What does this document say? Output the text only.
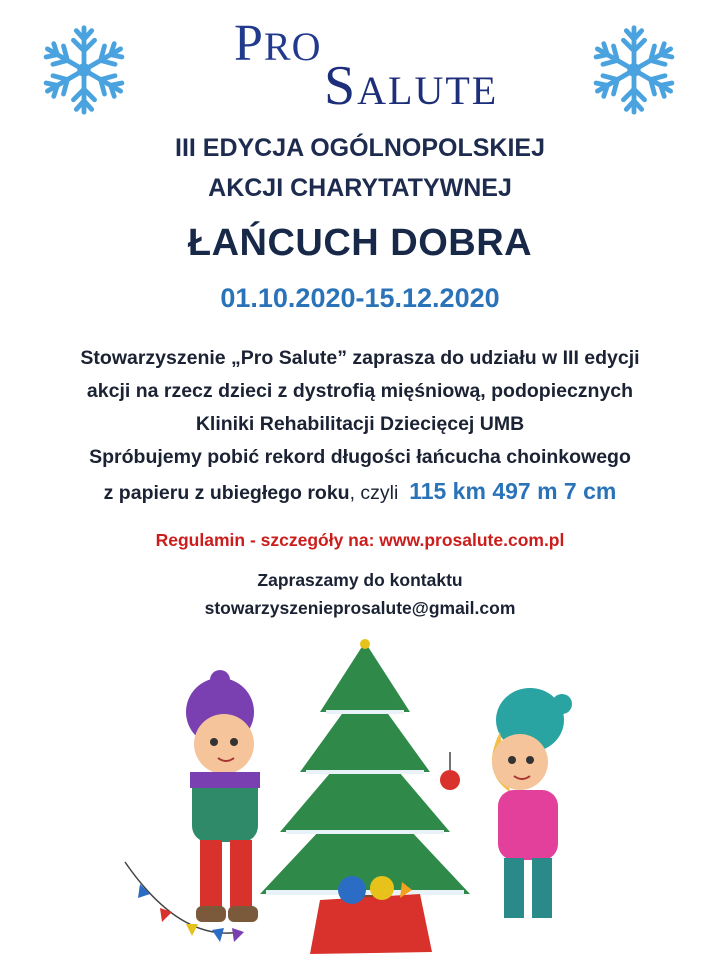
PRO
SALUTE
III EDYCJA OGÓLNOPOLSKIEJ
AKCJI CHARYTATYWNEJ
ŁAŃCUCH DOBRA
01.10.2020-15.12.2020
Stowarzyszenie „Pro Salute” zaprasza do udziału w III edycji
akcji na rzecz dzieci z dystrofią mięśniową, podopiecznych
Kliniki Rehabilitacji Dziecięcej UMB
Spróbujemy pobić rekord długości łańcucha choinkowego
z papieru z ubiegłego roku, czyli 115 km 497 m 7 cm
Regulamin - szczegóły na: www.prosalute.com.pl
Zapraszamy do kontaktu
stowarzyszenieprosalute@gmail.com
